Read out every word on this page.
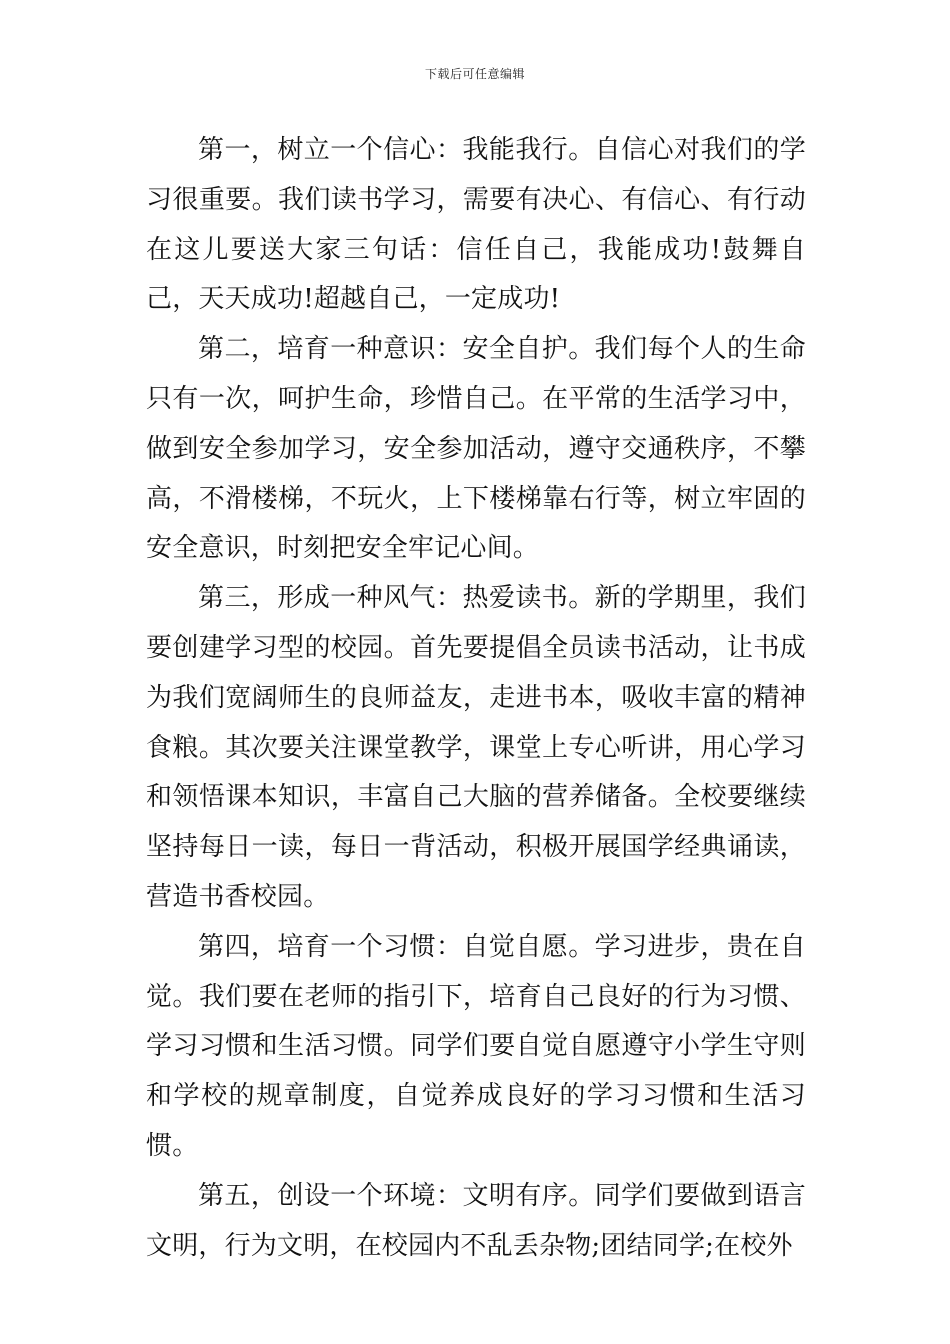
下载后可任意编辑

第一，树立一个信心：我能我行。自信心对我们的学习很重要。我们读书学习，需要有决心、有信心、有行动在这儿要送大家三句话：信任自己，我能成功!鼓舞自己，天天成功!超越自己，一定成功!

第二，培育一种意识：安全自护。我们每个人的生命只有一次，呵护生命，珍惜自己。在平常的生活学习中，做到安全参加学习，安全参加活动，遵守交通秩序，不攀高，不滑楼梯，不玩火，上下楼梯靠右行等，树立牢固的安全意识，时刻把安全牢记心间。

第三，形成一种风气：热爱读书。新的学期里，我们要创建学习型的校园。首先要提倡全员读书活动，让书成为我们宽阔师生的良师益友，走进书本，吸收丰富的精神食粮。其次要关注课堂教学，课堂上专心听讲，用心学习和领悟课本知识，丰富自己大脑的营养储备。全校要继续坚持每日一读，每日一背活动，积极开展国学经典诵读，营造书香校园。

第四，培育一个习惯：自觉自愿。学习进步，贵在自觉。我们要在老师的指引下，培育自己良好的行为习惯、学习习惯和生活习惯。同学们要自觉自愿遵守小学生守则和学校的规章制度，自觉养成良好的学习习惯和生活习惯。

第五，创设一个环境：文明有序。同学们要做到语言文明，行为文明，在校园内不乱丢杂物;团结同学;在校外
